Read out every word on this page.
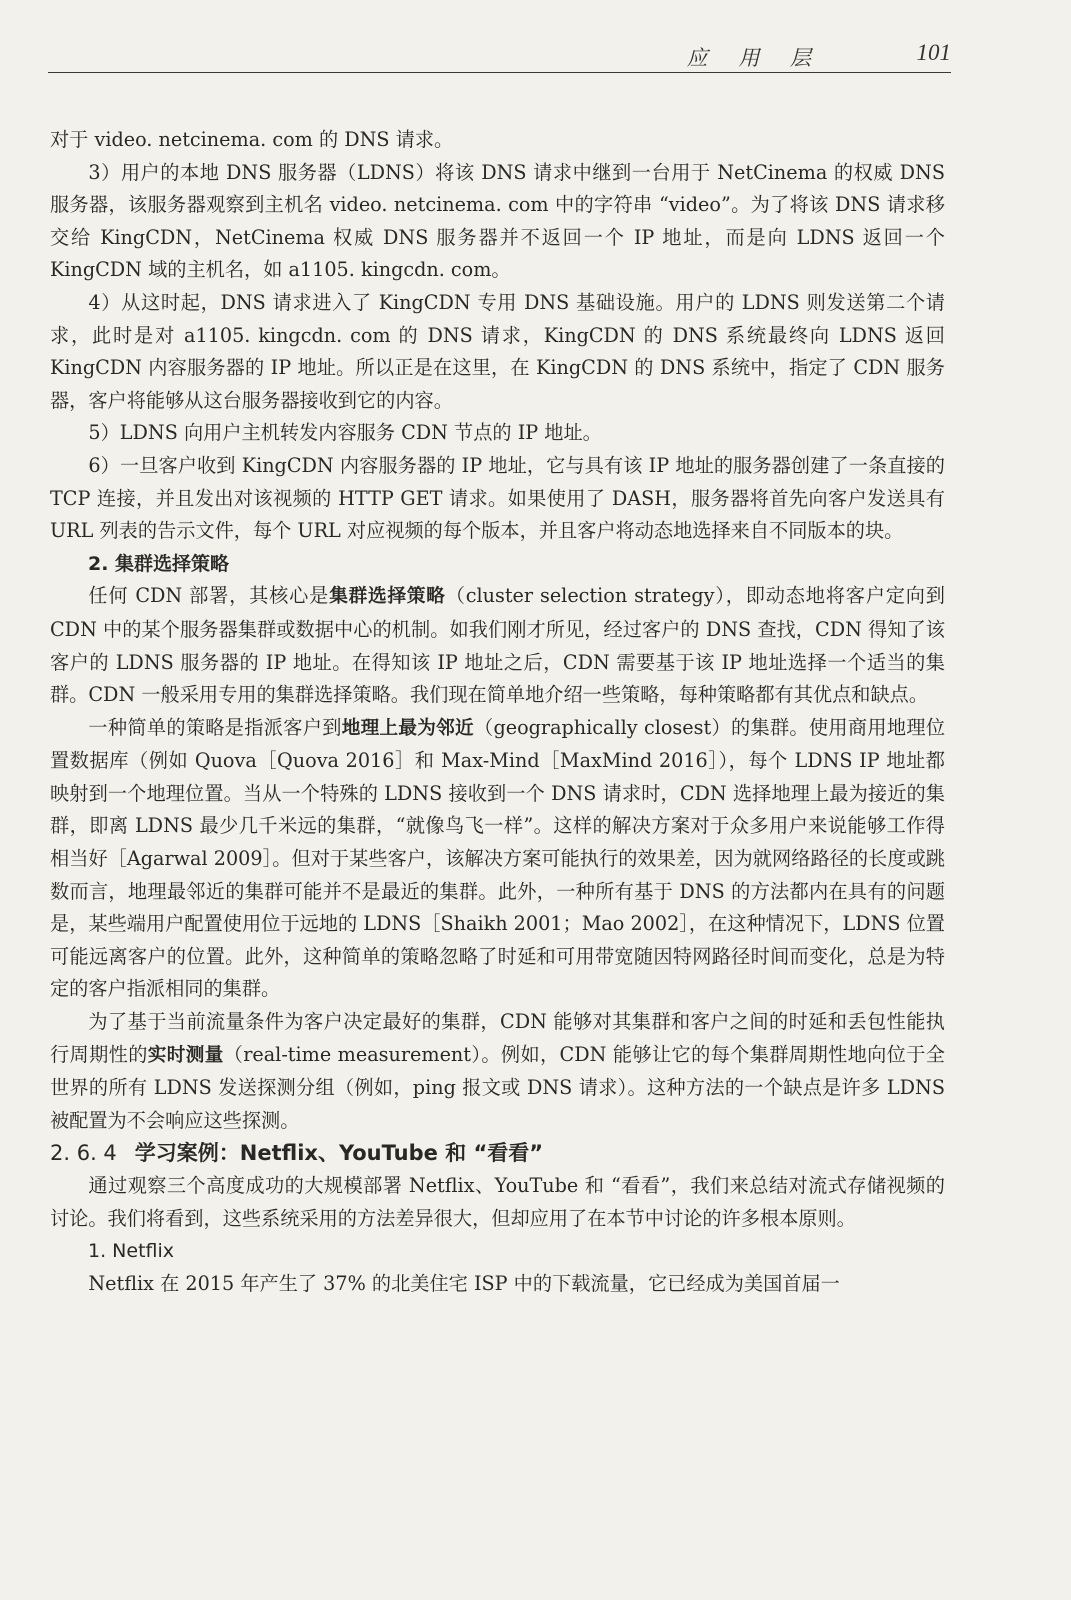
应 用 层	101

对于 video. netcinema. com 的 DNS 请求。

3）用户的本地 DNS 服务器（LDNS）将该 DNS 请求中继到一台用于 NetCinema 的权威 DNS 服务器，该服务器观察到主机名 video. netcinema. com 中的字符串 “video”。为了将该 DNS 请求移交给 KingCDN，NetCinema 权威 DNS 服务器并不返回一个 IP 地址，而是向 LDNS 返回一个 KingCDN 域的主机名，如 a1105. kingcdn. com。

4）从这时起，DNS 请求进入了 KingCDN 专用 DNS 基础设施。用户的 LDNS 则发送第二个请求，此时是对 a1105. kingcdn. com 的 DNS 请求，KingCDN 的 DNS 系统最终向 LDNS 返回 KingCDN 内容服务器的 IP 地址。所以正是在这里，在 KingCDN 的 DNS 系统中，指定了 CDN 服务器，客户将能够从这台服务器接收到它的内容。

5）LDNS 向用户主机转发内容服务 CDN 节点的 IP 地址。

6）一旦客户收到 KingCDN 内容服务器的 IP 地址，它与具有该 IP 地址的服务器创建了一条直接的 TCP 连接，并且发出对该视频的 HTTP GET 请求。如果使用了 DASH，服务器将首先向客户发送具有 URL 列表的告示文件，每个 URL 对应视频的每个版本，并且客户将动态地选择来自不同版本的块。

2. 集群选择策略

任何 CDN 部署，其核心是集群选择策略（cluster selection strategy），即动态地将客户定向到 CDN 中的某个服务器集群或数据中心的机制。如我们刚才所见，经过客户的 DNS 查找，CDN 得知了该客户的 LDNS 服务器的 IP 地址。在得知该 IP 地址之后，CDN 需要基于该 IP 地址选择一个适当的集群。CDN 一般采用专用的集群选择策略。我们现在简单地介绍一些策略，每种策略都有其优点和缺点。

一种简单的策略是指派客户到地理上最为邻近（geographically closest）的集群。使用商用地理位置数据库（例如 Quova［Quova 2016］和 Max-Mind［MaxMind 2016］），每个 LDNS IP 地址都映射到一个地理位置。当从一个特殊的 LDNS 接收到一个 DNS 请求时，CDN 选择地理上最为接近的集群，即离 LDNS 最少几千米远的集群，“就像鸟飞一样”。这样的解决方案对于众多用户来说能够工作得相当好［Agarwal 2009］。但对于某些客户，该解决方案可能执行的效果差，因为就网络路径的长度或跳数而言，地理最邻近的集群可能并不是最近的集群。此外，一种所有基于 DNS 的方法都内在具有的问题是，某些端用户配置使用位于远地的 LDNS［Shaikh 2001；Mao 2002］，在这种情况下，LDNS 位置可能远离客户的位置。此外，这种简单的策略忽略了时延和可用带宽随因特网路径时间而变化，总是为特定的客户指派相同的集群。

为了基于当前流量条件为客户决定最好的集群，CDN 能够对其集群和客户之间的时延和丢包性能执行周期性的实时测量（real-time measurement）。例如，CDN 能够让它的每个集群周期性地向位于全世界的所有 LDNS 发送探测分组（例如，ping 报文或 DNS 请求）。这种方法的一个缺点是许多 LDNS 被配置为不会响应这些探测。

2. 6. 4 学习案例：Netflix、YouTube 和 “看看”

通过观察三个高度成功的大规模部署 Netflix、YouTube 和 “看看”，我们来总结对流式存储视频的讨论。我们将看到，这些系统采用的方法差异很大，但却应用了在本节中讨论的许多根本原则。

1. Netflix

Netflix 在 2015 年产生了 37% 的北美住宅 ISP 中的下载流量，它已经成为美国首届一
